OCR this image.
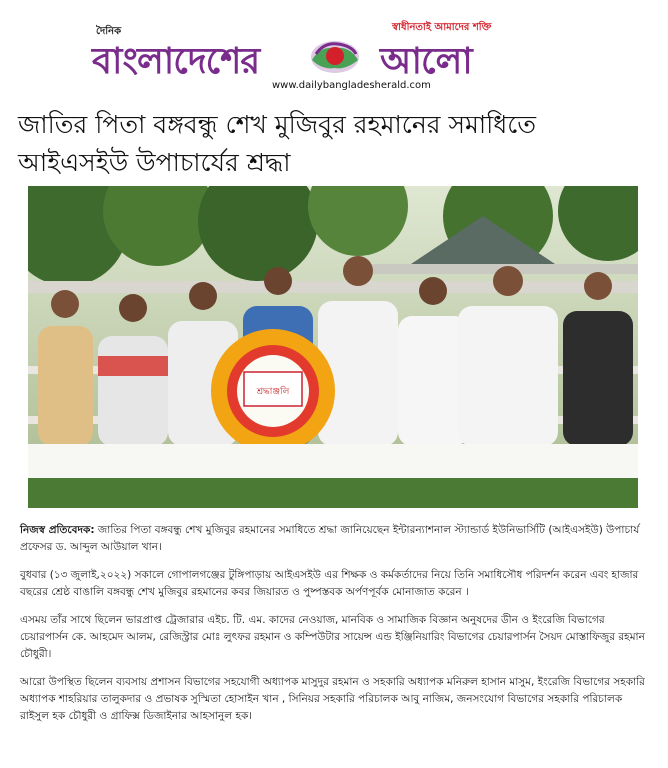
দৈনিক	স্বাধীনতাই আমাদের শক্তি
বাংলাদেশের	আলো
www.dailybangladesherald.com
জাতির পিতা বঙ্গবন্ধু শেখ মুজিবুর রহমানের সমাধিতে আইএসইউ উপাচার্যের শ্রদ্ধা
শ্রদ্ধাঞ্জলি

নিজস্ব প্রতিবেদক: জাতির পিতা বঙ্গবন্ধু শেখ মুজিবুর রহমানের সমাধিতে শ্রদ্ধা জানিয়েছেন ইন্টারন্যাশনাল স্ট্যান্ডার্ড ইউনিভার্সিটি (আইএসইউ) উপাচার্য প্রফেসর ড. আব্দুল আউয়াল খান।

বুধবার (১৩ জুলাই,২০২২) সকালে গোপালগঞ্জের টুঙ্গিপাড়ায় আইএসইউ এর শিক্ষক ও কর্মকর্তাদের নিয়ে তিনি সমাধিসৌধ পরিদর্শন করেন এবং হাজার বছরের শ্রেষ্ঠ বাঙালি বঙ্গবন্ধু শেখ মুজিবুর রহমানের কবর জিয়ারত ও পুষ্পস্তবক অর্পণপূর্বক মোনাজাত করেন ।

এসময় তাঁর সাথে ছিলেন ভারপ্রাপ্ত ট্রেজারার এইচ. টি. এম. কাদের নেওয়াজ, মানবিক ও সামাজিক বিজ্ঞান অনুষদের ডীন ও ইংরেজি বিভাগের চেয়ারপার্সন কে. আহমেদ আলম, রেজিস্ট্রার মোঃ লুৎফর রহমান ও কম্পিউটার সায়েন্স এন্ড ইঞ্জিনিয়ারিং বিভাগের চেয়ারপার্সন সৈয়দ মোস্তাফিজুর রহমান চৌধুরী।

আরো উপস্থিত ছিলেন ব্যবসায় প্রশাসন বিভাগের সহযোগী অধ্যাপক মাসুদুর রহমান ও সহকারি অধ্যাপক মনিরুল হাসান মাসুম, ইংরেজি বিভাগের সহকারি অধ্যাপক শাহরিয়ার তালুকদার ও প্রভাষক সুস্মিতা হোসাইন খান , সিনিয়র সহকারি পরিচালক আবু নাজিম, জনসংযোগ বিভাগের সহকারি পরিচালক রাইসুল হক চৌধুরী ও গ্রাফিক্স ডিজাইনার আহসানুল হক।
